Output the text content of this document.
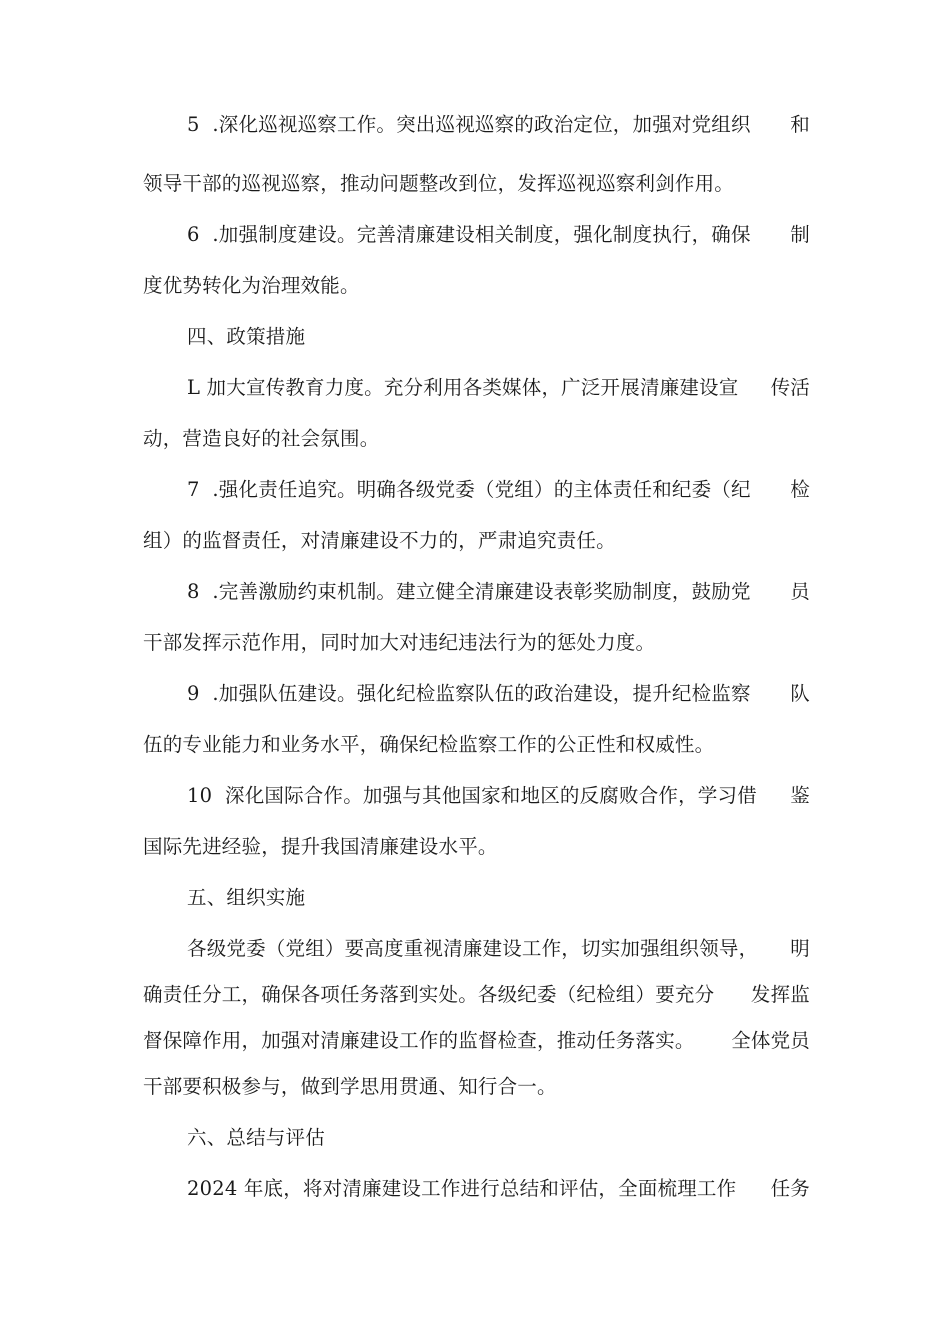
5  .深化巡视巡察工作。突出巡视巡察的政治定位，加强对党组织 和
领导干部的巡视巡察，推动问题整改到位，发挥巡视巡察利剑作用。
6  .加强制度建设。完善清廉建设相关制度，强化制度执行，确保 制
度优势转化为治理效能。
四、政策措施
L 加大宣传教育力度。充分利用各类媒体，广泛开展清廉建设宣 传活
动，营造良好的社会氛围。
7  .强化责任追究。明确各级党委（党组）的主体责任和纪委（纪 检
组）的监督责任，对清廉建设不力的，严肃追究责任。
8  .完善激励约束机制。建立健全清廉建设表彰奖励制度，鼓励党 员
干部发挥示范作用，同时加大对违纪违法行为的惩处力度。
9  .加强队伍建设。强化纪检监察队伍的政治建设，提升纪检监察 队
伍的专业能力和业务水平，确保纪检监察工作的公正性和权威性。
10  深化国际合作。加强与其他国家和地区的反腐败合作，学习借 鉴
国际先进经验，提升我国清廉建设水平。
五、组织实施
各级党委（党组）要高度重视清廉建设工作，切实加强组织领导， 明
确责任分工，确保各项任务落到实处。各级纪委（纪检组）要充分 发挥监
督保障作用，加强对清廉建设工作的监督检查，推动任务落实。 全体党员
干部要积极参与，做到学思用贯通、知行合一。
六、总结与评估
2024 年底，将对清廉建设工作进行总结和评估，全面梳理工作 任务
